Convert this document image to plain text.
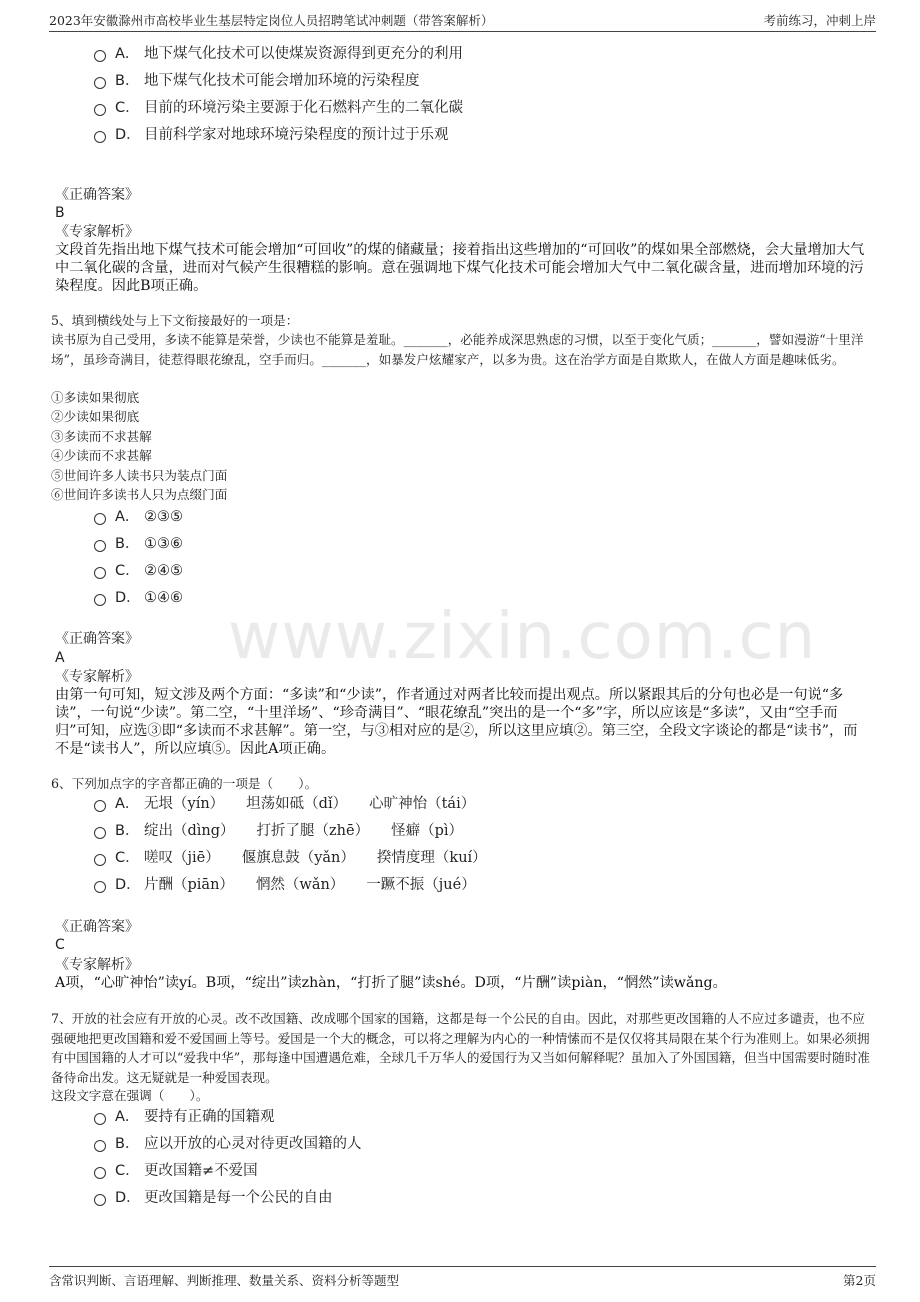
2023年安徽滁州市高校毕业生基层特定岗位人员招聘笔试冲刺题（带答案解析）	考前练习，冲刺上岸
www.zixin.com.cn
A． 地下煤气化技术可以使煤炭资源得到更充分的利用
B． 地下煤气化技术可能会增加环境的污染程度
C． 目前的环境污染主要源于化石燃料产生的二氧化碳
D． 目前科学家对地球环境污染程度的预计过于乐观
《正确答案》
B
《专家解析》
文段首先指出地下煤气技术可能会增加“可回收”的煤的储藏量；接着指出这些增加的“可回收”的煤如果全部燃烧，会大量增加大气中二氧化碳的含量，进而对气候产生很糟糕的影响。意在强调地下煤气化技术可能会增加大气中二氧化碳含量，进而增加环境的污染程度。因此B项正确。
5、填到横线处与上下文衔接最好的一项是：
读书原为自己受用，多读不能算是荣誉，少读也不能算是羞耻。_______，必能养成深思熟虑的习惯，以至于变化气质；_______，譬如漫游“十里洋场”，虽珍奇满目，徒惹得眼花缭乱，空手而归。_______，如暴发户炫耀家产，以多为贵。这在治学方面是自欺欺人，在做人方面是趣味低劣。
①多读如果彻底
②少读如果彻底
③多读而不求甚解
④少读而不求甚解
⑤世间许多人读书只为装点门面
⑥世间许多读书人只为点缀门面
A． ②③⑤
B． ①③⑥
C． ②④⑤
D． ①④⑥
《正确答案》
A
《专家解析》
由第一句可知，短文涉及两个方面：“多读”和“少读”，作者通过对两者比较而提出观点。所以紧跟其后的分句也必是一句说“多读”，一句说“少读”。第二空，“十里洋场”、“珍奇满目”、“眼花缭乱”突出的是一个“多”字，所以应该是“多读”，又由“空手而归”可知，应选③即“多读而不求甚解”。第一空，与③相对应的是②，所以这里应填②。第三空，全段文字谈论的都是“读书”，而不是“读书人”，所以应填⑤。因此A项正确。
6、下列加点字的字音都正确的一项是（　　）。
A． 无垠（yín） 坦荡如砥（dǐ） 心旷神怡（tái）
B． 绽出（dìng） 打折了腿（zhē） 怪癖（pì）
C． 嗟叹（jiē） 偃旗息鼓（yǎn） 揆情度理（kuí）
D． 片酬（piān） 惘然（wǎn） 一蹶不振（jué）
《正确答案》
C
《专家解析》
A项，“心旷神怡”读yí。B项，“绽出”读zhàn，“打折了腿”读shé。D项，“片酬”读piàn，“惘然”读wǎng。
7、开放的社会应有开放的心灵。改不改国籍、改成哪个国家的国籍，这都是每一个公民的自由。因此，对那些更改国籍的人不应过多谴责，也不应强硬地把更改国籍和爱不爱国画上等号。爱国是一个大的概念，可以将之理解为内心的一种情愫而不是仅仅将其局限在某个行为准则上。如果必须拥有中国国籍的人才可以“爱我中华”，那每逢中国遭遇危难，全球几千万华人的爱国行为又当如何解释呢？虽加入了外国国籍，但当中国需要时随时准备待命出发。这无疑就是一种爱国表现。
这段文字意在强调（　　）。
A． 要持有正确的国籍观
B． 应以开放的心灵对待更改国籍的人
C． 更改国籍≠不爱国
D． 更改国籍是每一个公民的自由
含常识判断、言语理解、判断推理、数量关系、资料分析等题型	第2页
